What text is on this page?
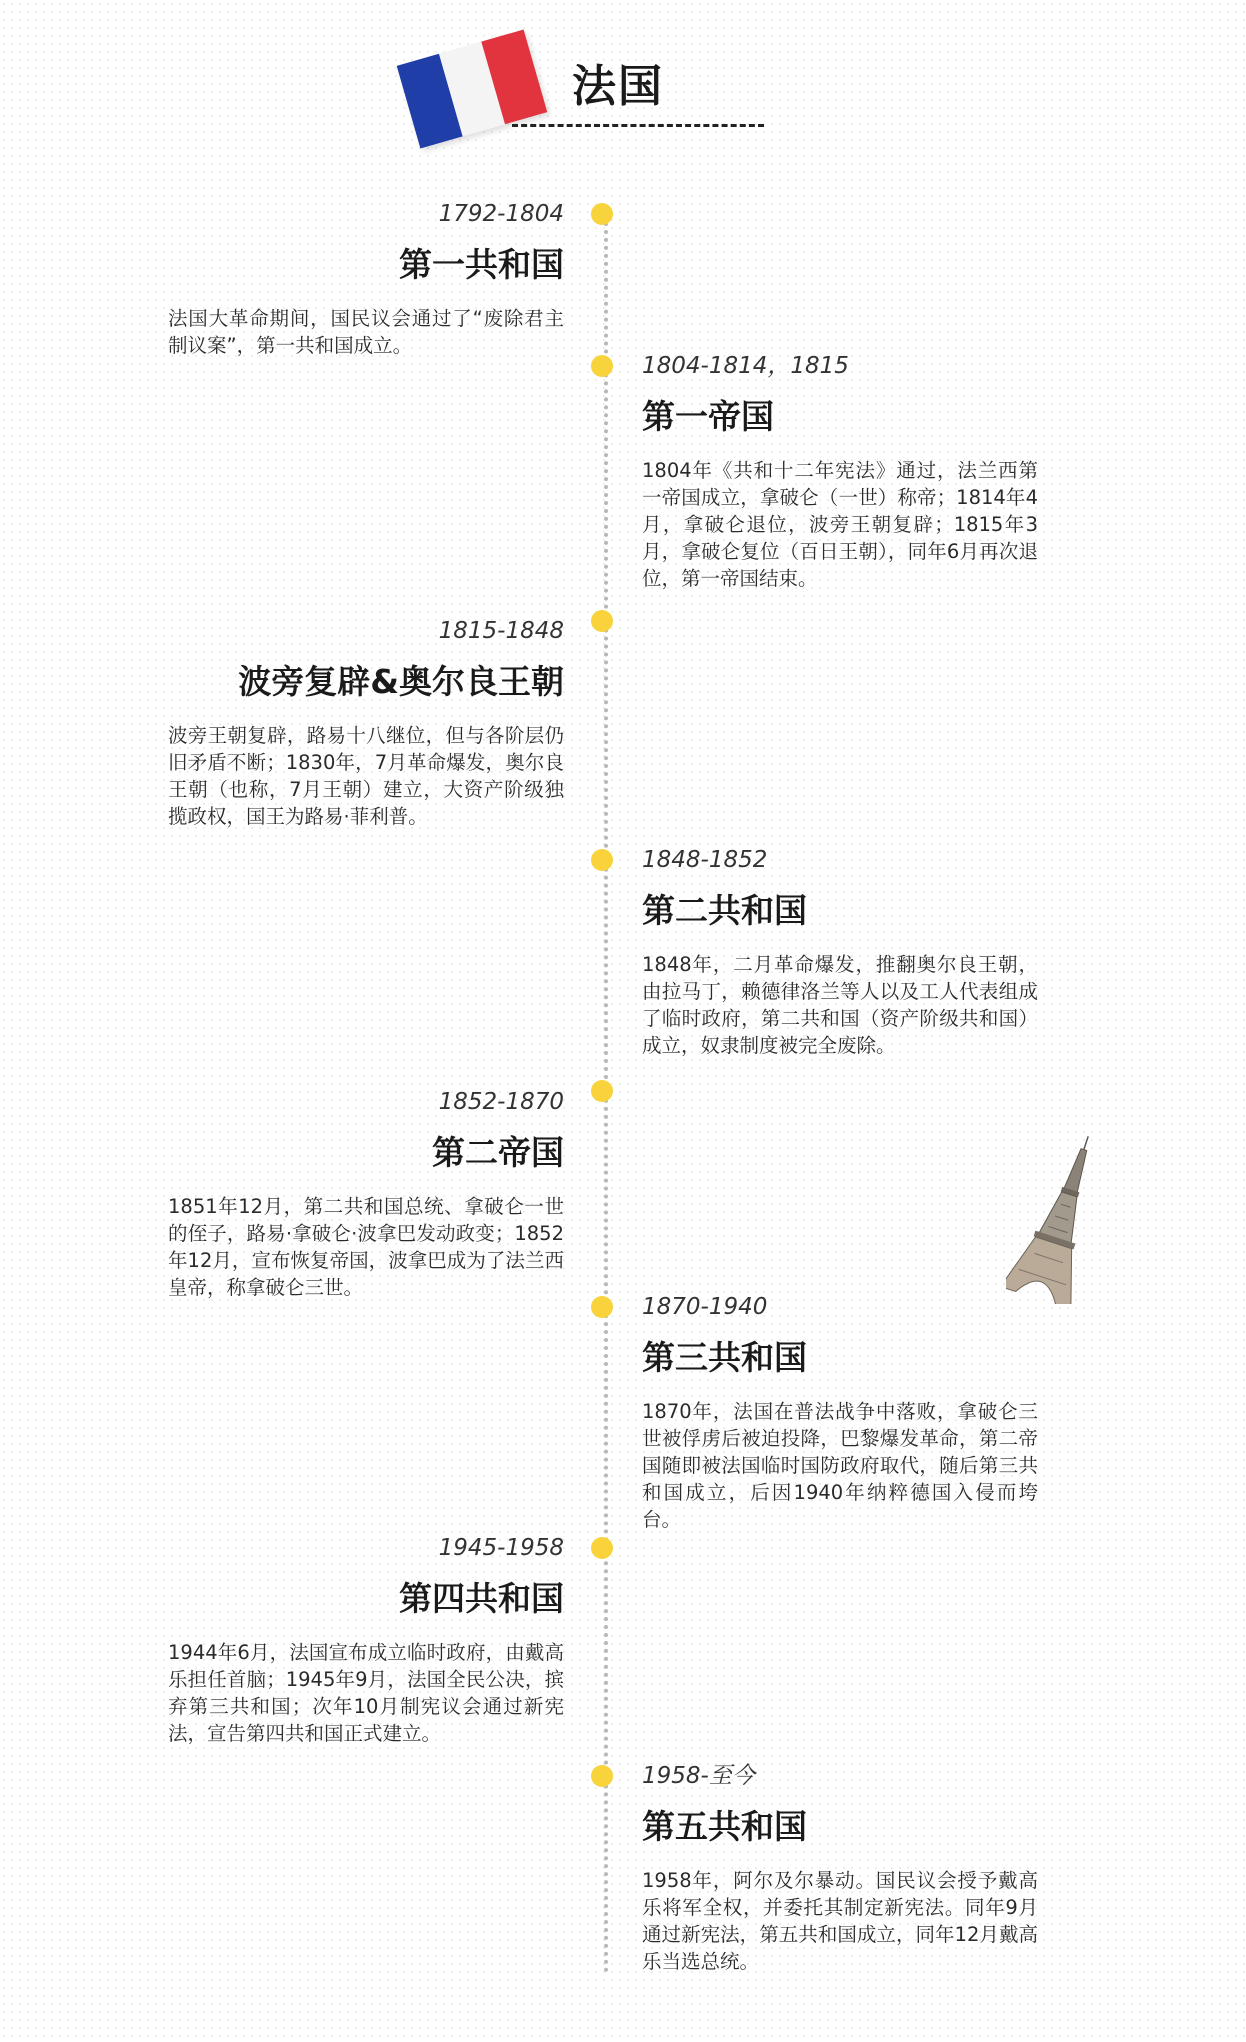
法国
1792-1804
第一共和国
法国大革命期间，国民议会通过了“废除君主制议案”，第一共和国成立。
1804-1814，1815
第一帝国
1804年《共和十二年宪法》通过，法兰西第一帝国成立，拿破仑（一世）称帝；1814年4月，拿破仑退位，波旁王朝复辟；1815年3月，拿破仑复位（百日王朝），同年6月再次退位，第一帝国结束。
1815-1848
波旁复辟&奥尔良王朝
波旁王朝复辟，路易十八继位，但与各阶层仍旧矛盾不断；1830年，7月革命爆发，奥尔良王朝（也称，7月王朝）建立，大资产阶级独揽政权，国王为路易·菲利普。
1848-1852
第二共和国
1848年，二月革命爆发，推翻奥尔良王朝，由拉马丁，赖德律洛兰等人以及工人代表组成了临时政府，第二共和国（资产阶级共和国）成立，奴隶制度被完全废除。
1852-1870
第二帝国
1851年12月，第二共和国总统、拿破仑一世的侄子，路易·拿破仑·波拿巴发动政变；1852年12月，宣布恢复帝国，波拿巴成为了法兰西皇帝，称拿破仑三世。
1870-1940
第三共和国
1870年，法国在普法战争中落败，拿破仑三世被俘虏后被迫投降，巴黎爆发革命，第二帝国随即被法国临时国防政府取代，随后第三共和国成立，后因1940年纳粹德国入侵而垮台。
1945-1958
第四共和国
1944年6月，法国宣布成立临时政府，由戴高乐担任首脑；1945年9月，法国全民公决，摈弃第三共和国；次年10月制宪议会通过新宪法，宣告第四共和国正式建立。
1958-至今
第五共和国
1958年，阿尔及尔暴动。国民议会授予戴高乐将军全权，并委托其制定新宪法。同年9月通过新宪法，第五共和国成立，同年12月戴高乐当选总统。
